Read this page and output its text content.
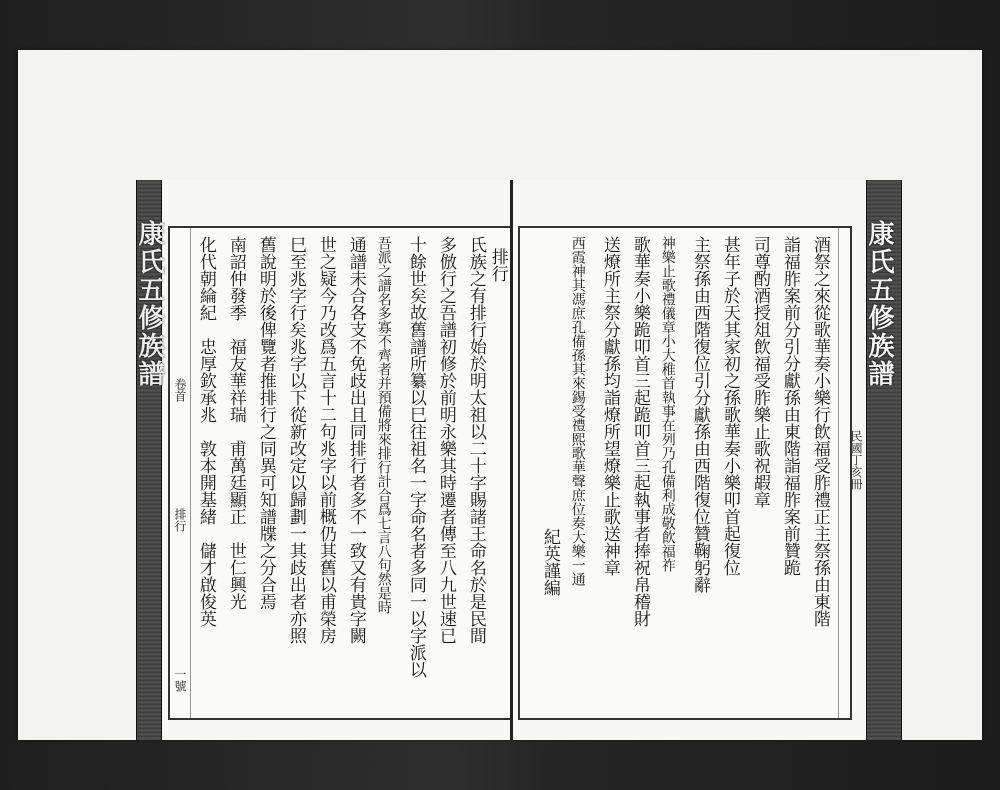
康氏五修族譜
卷首
排行
一號
化代朝綸紀　忠厚欽承兆　敦本開基緒　儲才啟俊英 南詔仲發季　福友華祥瑞　甫萬廷顯正　世仁興光　 舊說明於後俾覽者推排行之同異可知譜牒之分合焉 巳至兆字行矣兆字以下從新改定以歸劃一其歧出者亦照 世之疑今乃改爲五言十二句兆字以前概仍其舊以甫榮房 通譜未合各支不免歧出且同排行者多不一致又有貴字闕 吾派之譜名多寡不齊者并預備將來排行計合爲七言八句然是時 十餘世矣故舊譜所纂以巳往祖名一字命名者多同一以字派以 多倣行之吾譜初修於前明永樂其時遷者傳至八九世速已 氏族之有排行始於明太祖以二十字賜諸王命名於是民間 排行
紀英謹編 西霞神其馮庶孔備孫其來錫受禮熙歌華聲庶位奏大樂一通 送燎所主祭分獻孫均詣燎所望燎樂止歌送神章 歌華奏小樂跪叩首三起跪叩首三起執事者捧祝帛稽財 神樂止歌禮儀章小大稚首執事在列乃孔備利成敬飮福祚 主祭孫由西階復位引分獻孫由西階復位贊鞠躬辭 甚年子於天其家初之孫歌華奏小樂叩首起復位 司尊酌酒授俎飲福受胙樂止歌祝嘏章 詣福胙案前分引分獻孫由東階詣福胙案前贊跪 酒祭之來從歌華奏小樂行飲福受胙禮正主祭孫由東階 康氏五修族譜
民國丁亥冊
